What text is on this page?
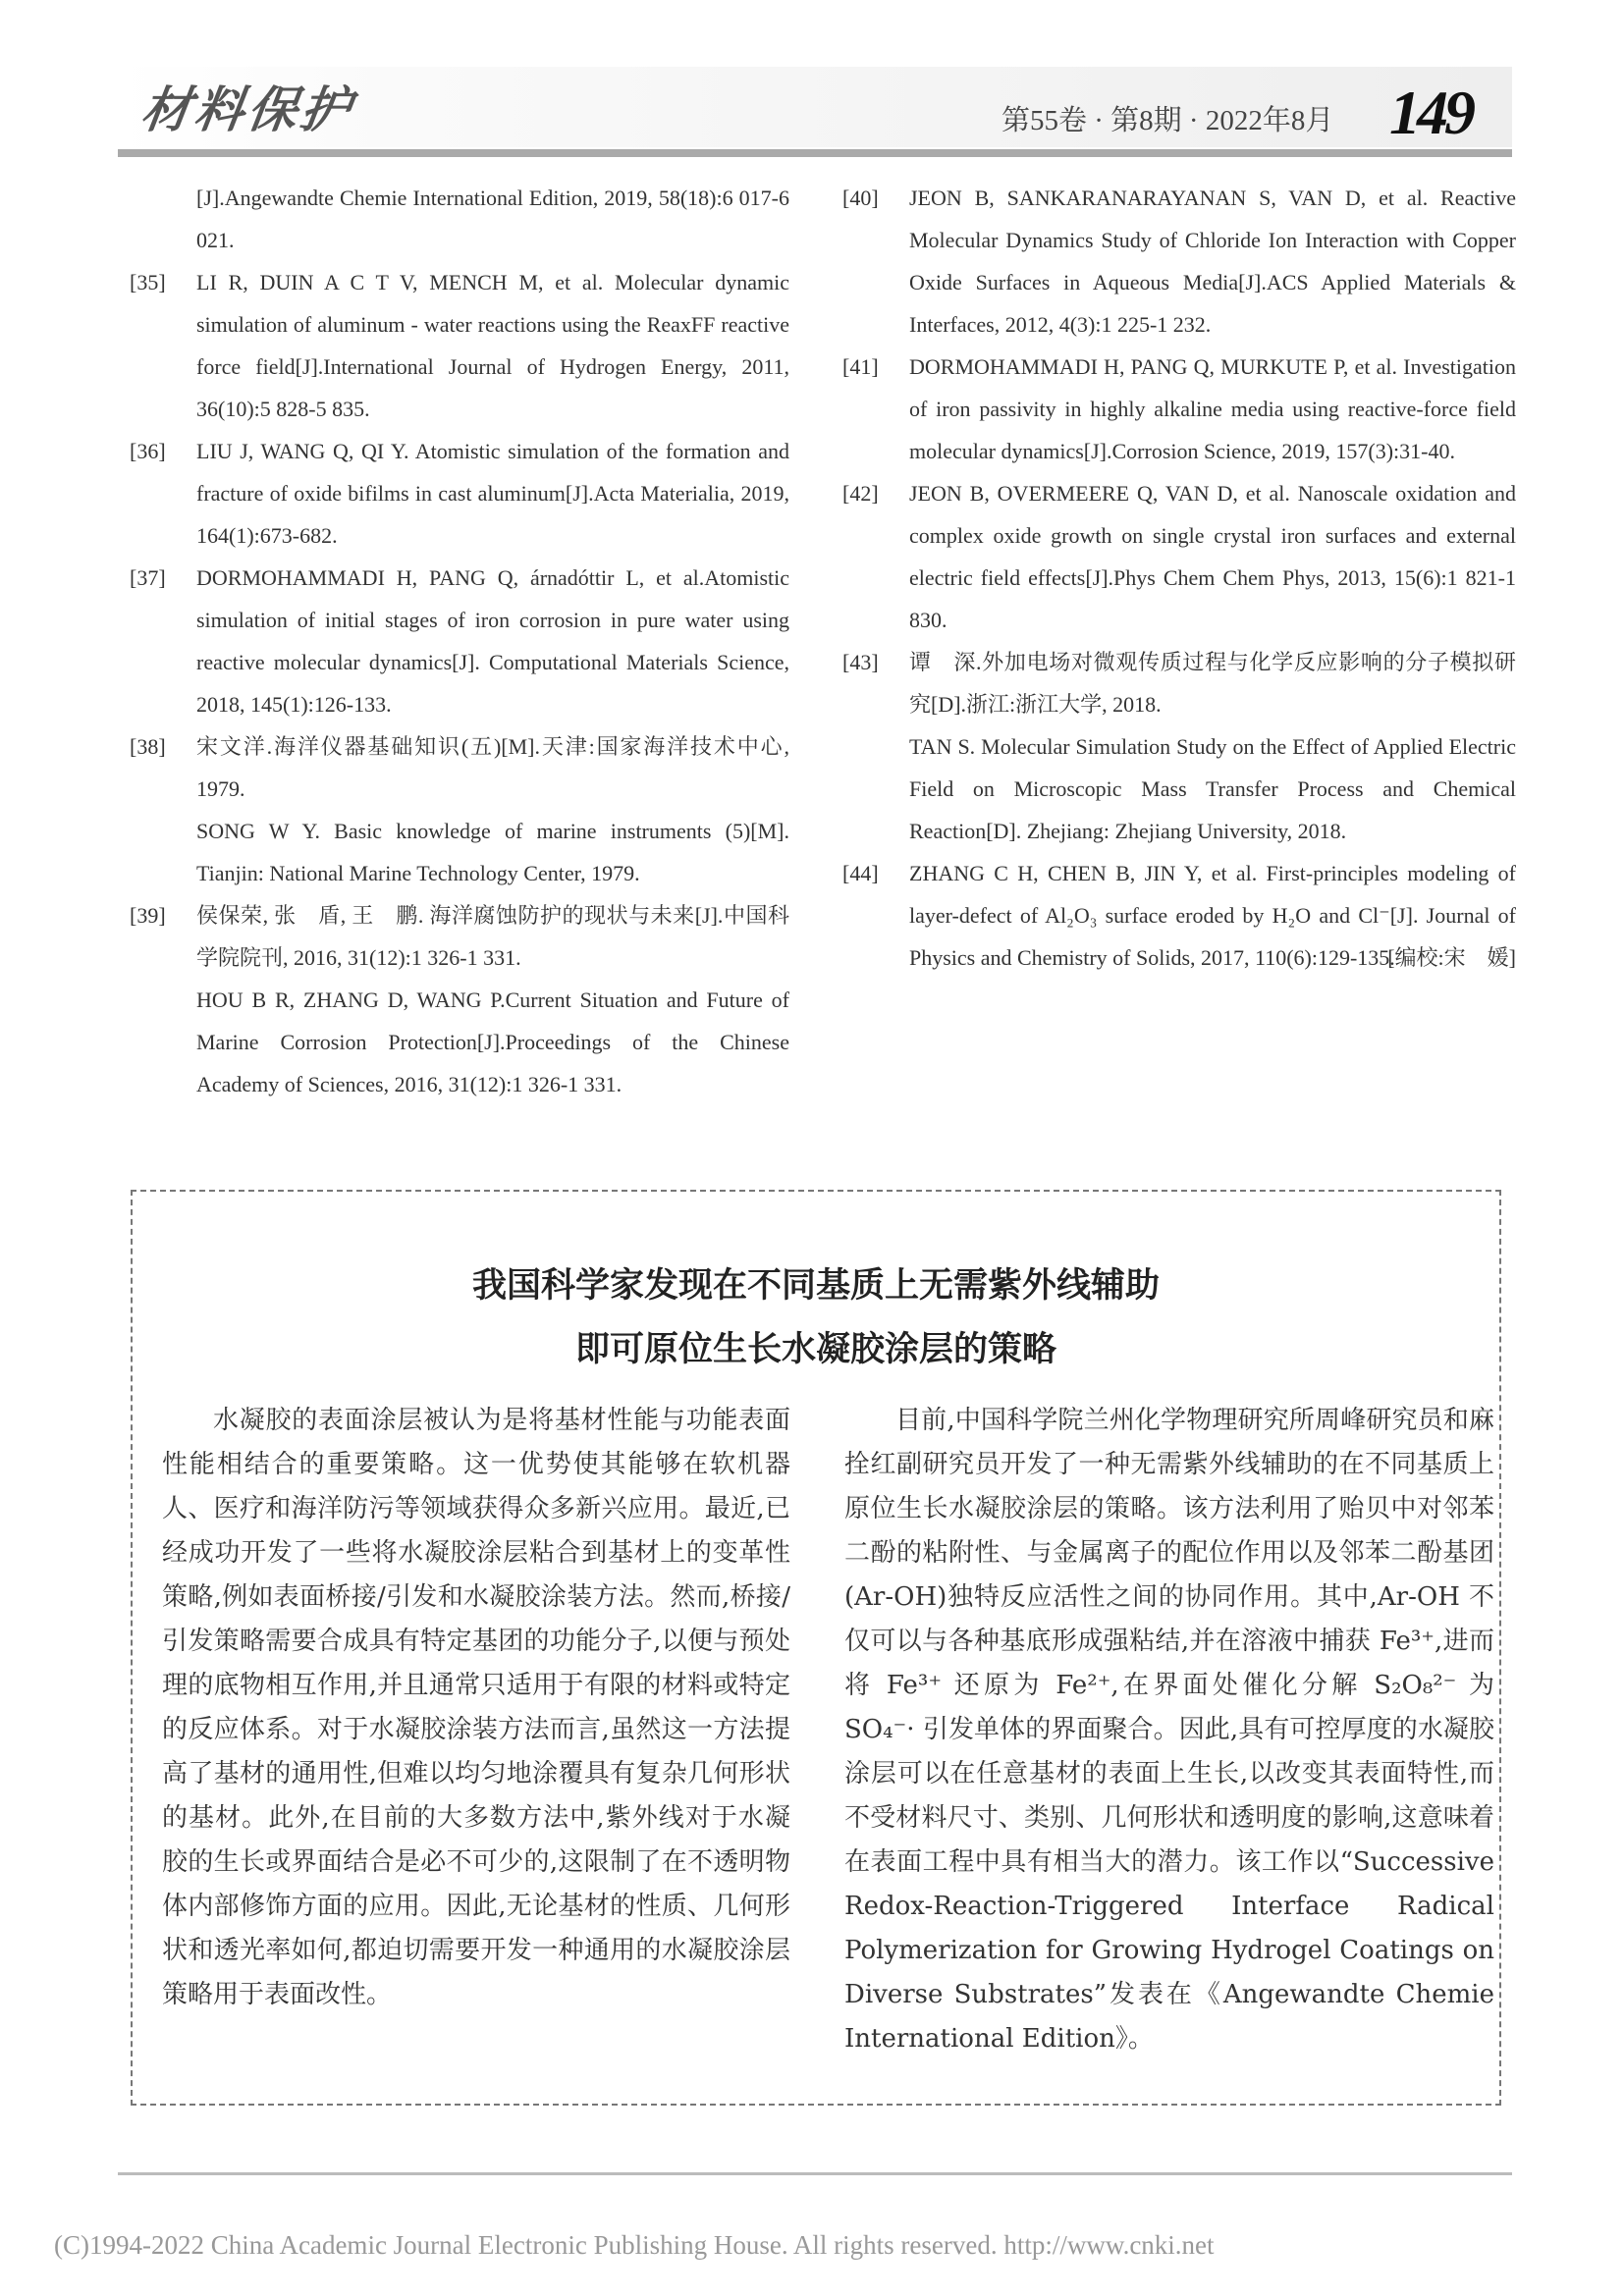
材料保护	第55卷 · 第8期 · 2022年8月 149

[J].Angewandte Chemie International Edition, 2019, 58(18):6 017-6 021.

[35]	LI R, DUIN A C T V, MENCH M, et al. Molecular dynamic simulation of aluminum - water reactions using the ReaxFF reactive force field[J].International Journal of Hydrogen Energy, 2011, 36(10):5 828-5 835.

[36]	LIU J, WANG Q, QI Y. Atomistic simulation of the formation and fracture of oxide bifilms in cast aluminum[J].Acta Materialia, 2019, 164(1):673-682.

[37]	DORMOHAMMADI H, PANG Q, árnadóttir L, et al.Atomistic simulation of initial stages of iron corrosion in pure water using reactive molecular dynamics[J]. Computational Materials Science, 2018, 145(1):126-133.

[38]	宋文洋.海洋仪器基础知识(五)[M].天津:国家海洋技术中心, 1979.

SONG W Y. Basic knowledge of marine instruments (5)[M]. Tianjin: National Marine Technology Center, 1979.

[39]	侯保荣, 张　盾, 王　鹏. 海洋腐蚀防护的现状与未来[J].中国科学院院刊, 2016, 31(12):1 326-1 331.

HOU B R, ZHANG D, WANG P.Current Situation and Future of Marine Corrosion Protection[J].Proceedings of the Chinese Academy of Sciences, 2016, 31(12):1 326-1 331.

[40]	JEON B, SANKARANARAYANAN S, VAN D, et al. Reactive Molecular Dynamics Study of Chloride Ion Interaction with Copper Oxide Surfaces in Aqueous Media[J].ACS Applied Materials & Interfaces, 2012, 4(3):1 225-1 232.

[41]	DORMOHAMMADI H, PANG Q, MURKUTE P, et al. Investigation of iron passivity in highly alkaline media using reactive-force field molecular dynamics[J].Corrosion Science, 2019, 157(3):31-40.

[42]	JEON B, OVERMEERE Q, VAN D, et al. Nanoscale oxidation and complex oxide growth on single crystal iron surfaces and external electric field effects[J].Phys Chem Chem Phys, 2013, 15(6):1 821-1 830.

[43]	谭　深.外加电场对微观传质过程与化学反应影响的分子模拟研究[D].浙江:浙江大学, 2018.

TAN S. Molecular Simulation Study on the Effect of Applied Electric Field on Microscopic Mass Transfer Process and Chemical Reaction[D]. Zhejiang: Zhejiang University, 2018.

[44]	ZHANG C H, CHEN B, JIN Y, et al. First-principles modeling of layer-defect of Al₂O₃ surface eroded by H₂O and Cl⁻[J]. Journal of Physics and Chemistry of Solids, 2017, 110(6):129-135.

[编校:宋　媛]
我国科学家发现在不同基质上无需紫外线辅助
即可原位生长水凝胶涂层的策略
水凝胶的表面涂层被认为是将基材性能与功能表面性能相结合的重要策略。这一优势使其能够在软机器人、医疗和海洋防污等领域获得众多新兴应用。最近,已经成功开发了一些将水凝胶涂层粘合到基材上的变革性策略,例如表面桥接/引发和水凝胶涂装方法。然而,桥接/引发策略需要合成具有特定基团的功能分子,以便与预处理的底物相互作用,并且通常只适用于有限的材料或特定的反应体系。对于水凝胶涂装方法而言,虽然这一方法提高了基材的通用性,但难以均匀地涂覆具有复杂几何形状的基材。此外,在目前的大多数方法中,紫外线对于水凝胶的生长或界面结合是必不可少的,这限制了在不透明物体内部修饰方面的应用。因此,无论基材的性质、几何形状和透光率如何,都迫切需要开发一种通用的水凝胶涂层策略用于表面改性。
目前,中国科学院兰州化学物理研究所周峰研究员和麻拴红副研究员开发了一种无需紫外线辅助的在不同基质上原位生长水凝胶涂层的策略。该方法利用了贻贝中对邻苯二酚的粘附性、与金属离子的配位作用以及邻苯二酚基团(Ar-OH)独特反应活性之间的协同作用。其中,Ar-OH 不仅可以与各种基底形成强粘结,并在溶液中捕获 Fe³⁺,进而将 Fe³⁺ 还原为 Fe²⁺,在界面处催化分解 S₂O₈²⁻ 为 SO₄⁻· 引发单体的界面聚合。因此,具有可控厚度的水凝胶涂层可以在任意基材的表面上生长,以改变其表面特性,而不受材料尺寸、类别、几何形状和透明度的影响,这意味着在表面工程中具有相当大的潜力。该工作以“Successive Redox-Reaction-Triggered Interface Radical Polymerization for Growing Hydrogel Coatings on Diverse Substrates”发表在《Angewandte Chemie International Edition》。
(C)1994-2022 China Academic Journal Electronic Publishing House. All rights reserved. http://www.cnki.net
